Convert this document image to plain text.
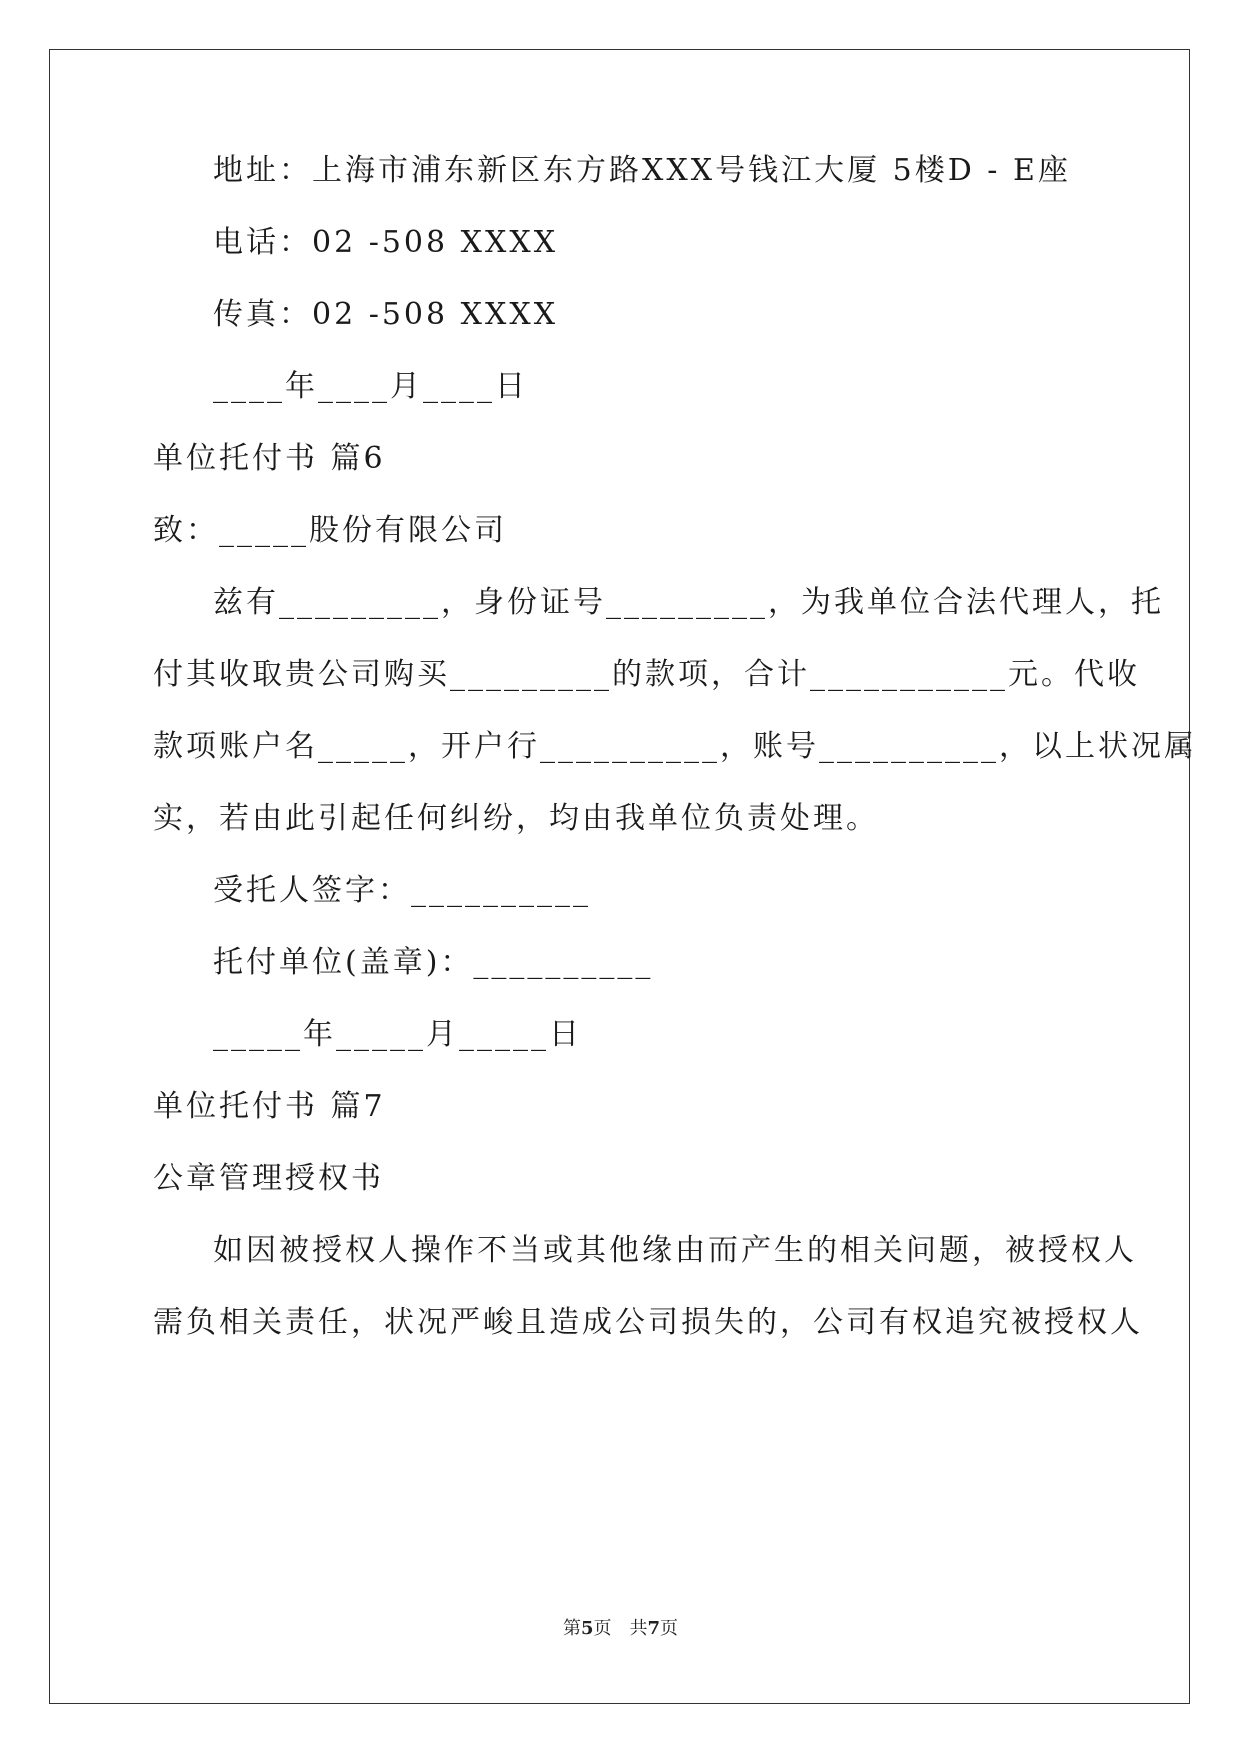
地址：上海市浦东新区东方路XXX号钱江大厦 5楼D - E座
电话：02 -508 XXXX
传真：02 -508 XXXX
____年____月____日
单位托付书 篇6
致：_____股份有限公司
兹有_________，身份证号_________，为我单位合法代理人，托
付其收取贵公司购买_________的款项，合计___________元。代收
款项账户名_____，开户行__________，账号__________，以上状况属
实，若由此引起任何纠纷，均由我单位负责处理。
受托人签字：__________
托付单位(盖章)：__________
_____年_____月_____日
单位托付书 篇7
公章管理授权书
如因被授权人操作不当或其他缘由而产生的相关问题，被授权人
需负相关责任，状况严峻且造成公司损失的，公司有权追究被授权人
第5页　共7页
